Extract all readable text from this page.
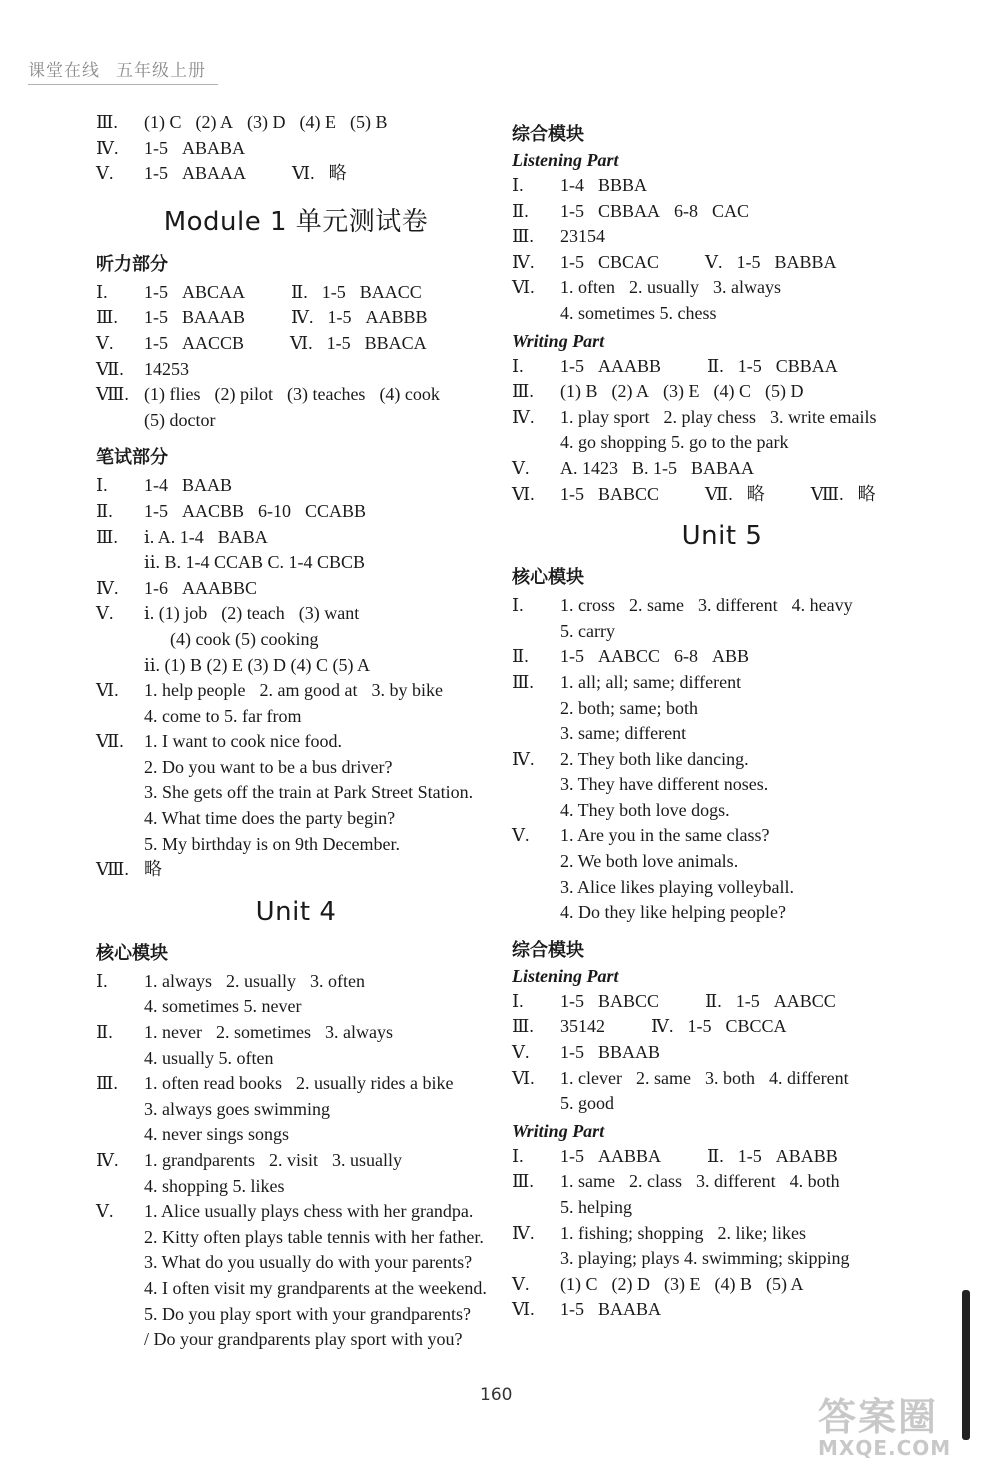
课堂在线 五年级上册
Ⅲ.	(1) C (2) A (3) D (4) E (5) B
Ⅳ.	1-5 ABABA
Ⅴ.	1-5 ABAAA	Ⅵ. 略
Module 1 单元测试卷
听力部分
Ⅰ.	1-5 ABCAA	Ⅱ. 1-5 BAACC
Ⅲ.	1-5 BAAAB	Ⅳ. 1-5 AABBB
Ⅴ.	1-5 AACCB	Ⅵ. 1-5 BBACA
Ⅶ.	14253
Ⅷ. (1) flies (2) pilot (3) teaches (4) cook
(5) doctor
笔试部分
Ⅰ.	1-4 BAAB
Ⅱ.	1-5 AACBB 6-10 CCABB
Ⅲ.	ⅰ. A. 1-4 BABA
ⅱ. B. 1-4 CCAB C. 1-4 CBCB
Ⅳ.	1-6 AAABBC
Ⅴ.	ⅰ. (1) job (2) teach (3) want
(4) cook (5) cooking
ⅱ. (1) B (2) E (3) D (4) C (5) A
Ⅵ.	1. help people 2. am good at 3. by bike
4. come to 5. far from
Ⅶ.	1. I want to cook nice food.
2. Do you want to be a bus driver?
3. She gets off the train at Park Street Station.
4. What time does the party begin?
5. My birthday is on 9th December.
Ⅷ. 略
Unit 4
核心模块
Ⅰ.	1. always 2. usually 3. often
4. sometimes 5. never
Ⅱ.	1. never 2. sometimes 3. always
4. usually 5. often
Ⅲ.	1. often read books 2. usually rides a bike
3. always goes swimming
4. never sings songs
Ⅳ.	1. grandparents 2. visit 3. usually
4. shopping 5. likes
Ⅴ.	1. Alice usually plays chess with her grandpa.
2. Kitty often plays table tennis with her father.
3. What do you usually do with your parents?
4. I often visit my grandparents at the weekend.
5. Do you play sport with your grandparents?
/ Do your grandparents play sport with you?
综合模块
Listening Part
Ⅰ.	1-4 BBBA
Ⅱ.	1-5 CBBAA 6-8 CAC
Ⅲ.	23154
Ⅳ.	1-5 CBCAC	Ⅴ. 1-5 BABBA
Ⅵ.	1. often 2. usually 3. always
4. sometimes 5. chess
Writing Part
Ⅰ.	1-5 AAABB	Ⅱ. 1-5 CBBAA
Ⅲ.	(1) B (2) A (3) E (4) C (5) D
Ⅳ.	1. play sport 2. play chess 3. write emails
4. go shopping 5. go to the park
Ⅴ.	A. 1423 B. 1-5 BABAA
Ⅵ.	1-5 BABCC	Ⅶ. 略	Ⅷ. 略
Unit 5
核心模块
Ⅰ.	1. cross 2. same 3. different 4. heavy
5. carry
Ⅱ.	1-5 AABCC 6-8 ABB
Ⅲ.	1. all; all; same; different
2. both; same; both
3. same; different
Ⅳ.	2. They both like dancing.
3. They have different noses.
4. They both love dogs.
Ⅴ.	1. Are you in the same class?
2. We both love animals.
3. Alice likes playing volleyball.
4. Do they like helping people?
综合模块
Listening Part
Ⅰ.	1-5 BABCC	Ⅱ. 1-5 AABCC
Ⅲ.	35142	Ⅳ. 1-5 CBCCA
Ⅴ.	1-5 BBAAB
Ⅵ.	1. clever 2. same 3. both 4. different
5. good
Writing Part
Ⅰ.	1-5 AABBA	Ⅱ. 1-5 ABABB
Ⅲ.	1. same 2. class 3. different 4. both
5. helping
Ⅳ.	1. fishing; shopping 2. like; likes
3. playing; plays 4. swimming; skipping
Ⅴ.	(1) C (2) D (3) E (4) B (5) A
Ⅵ.	1-5 BAABA
160	答案圈
MXQE.COM
